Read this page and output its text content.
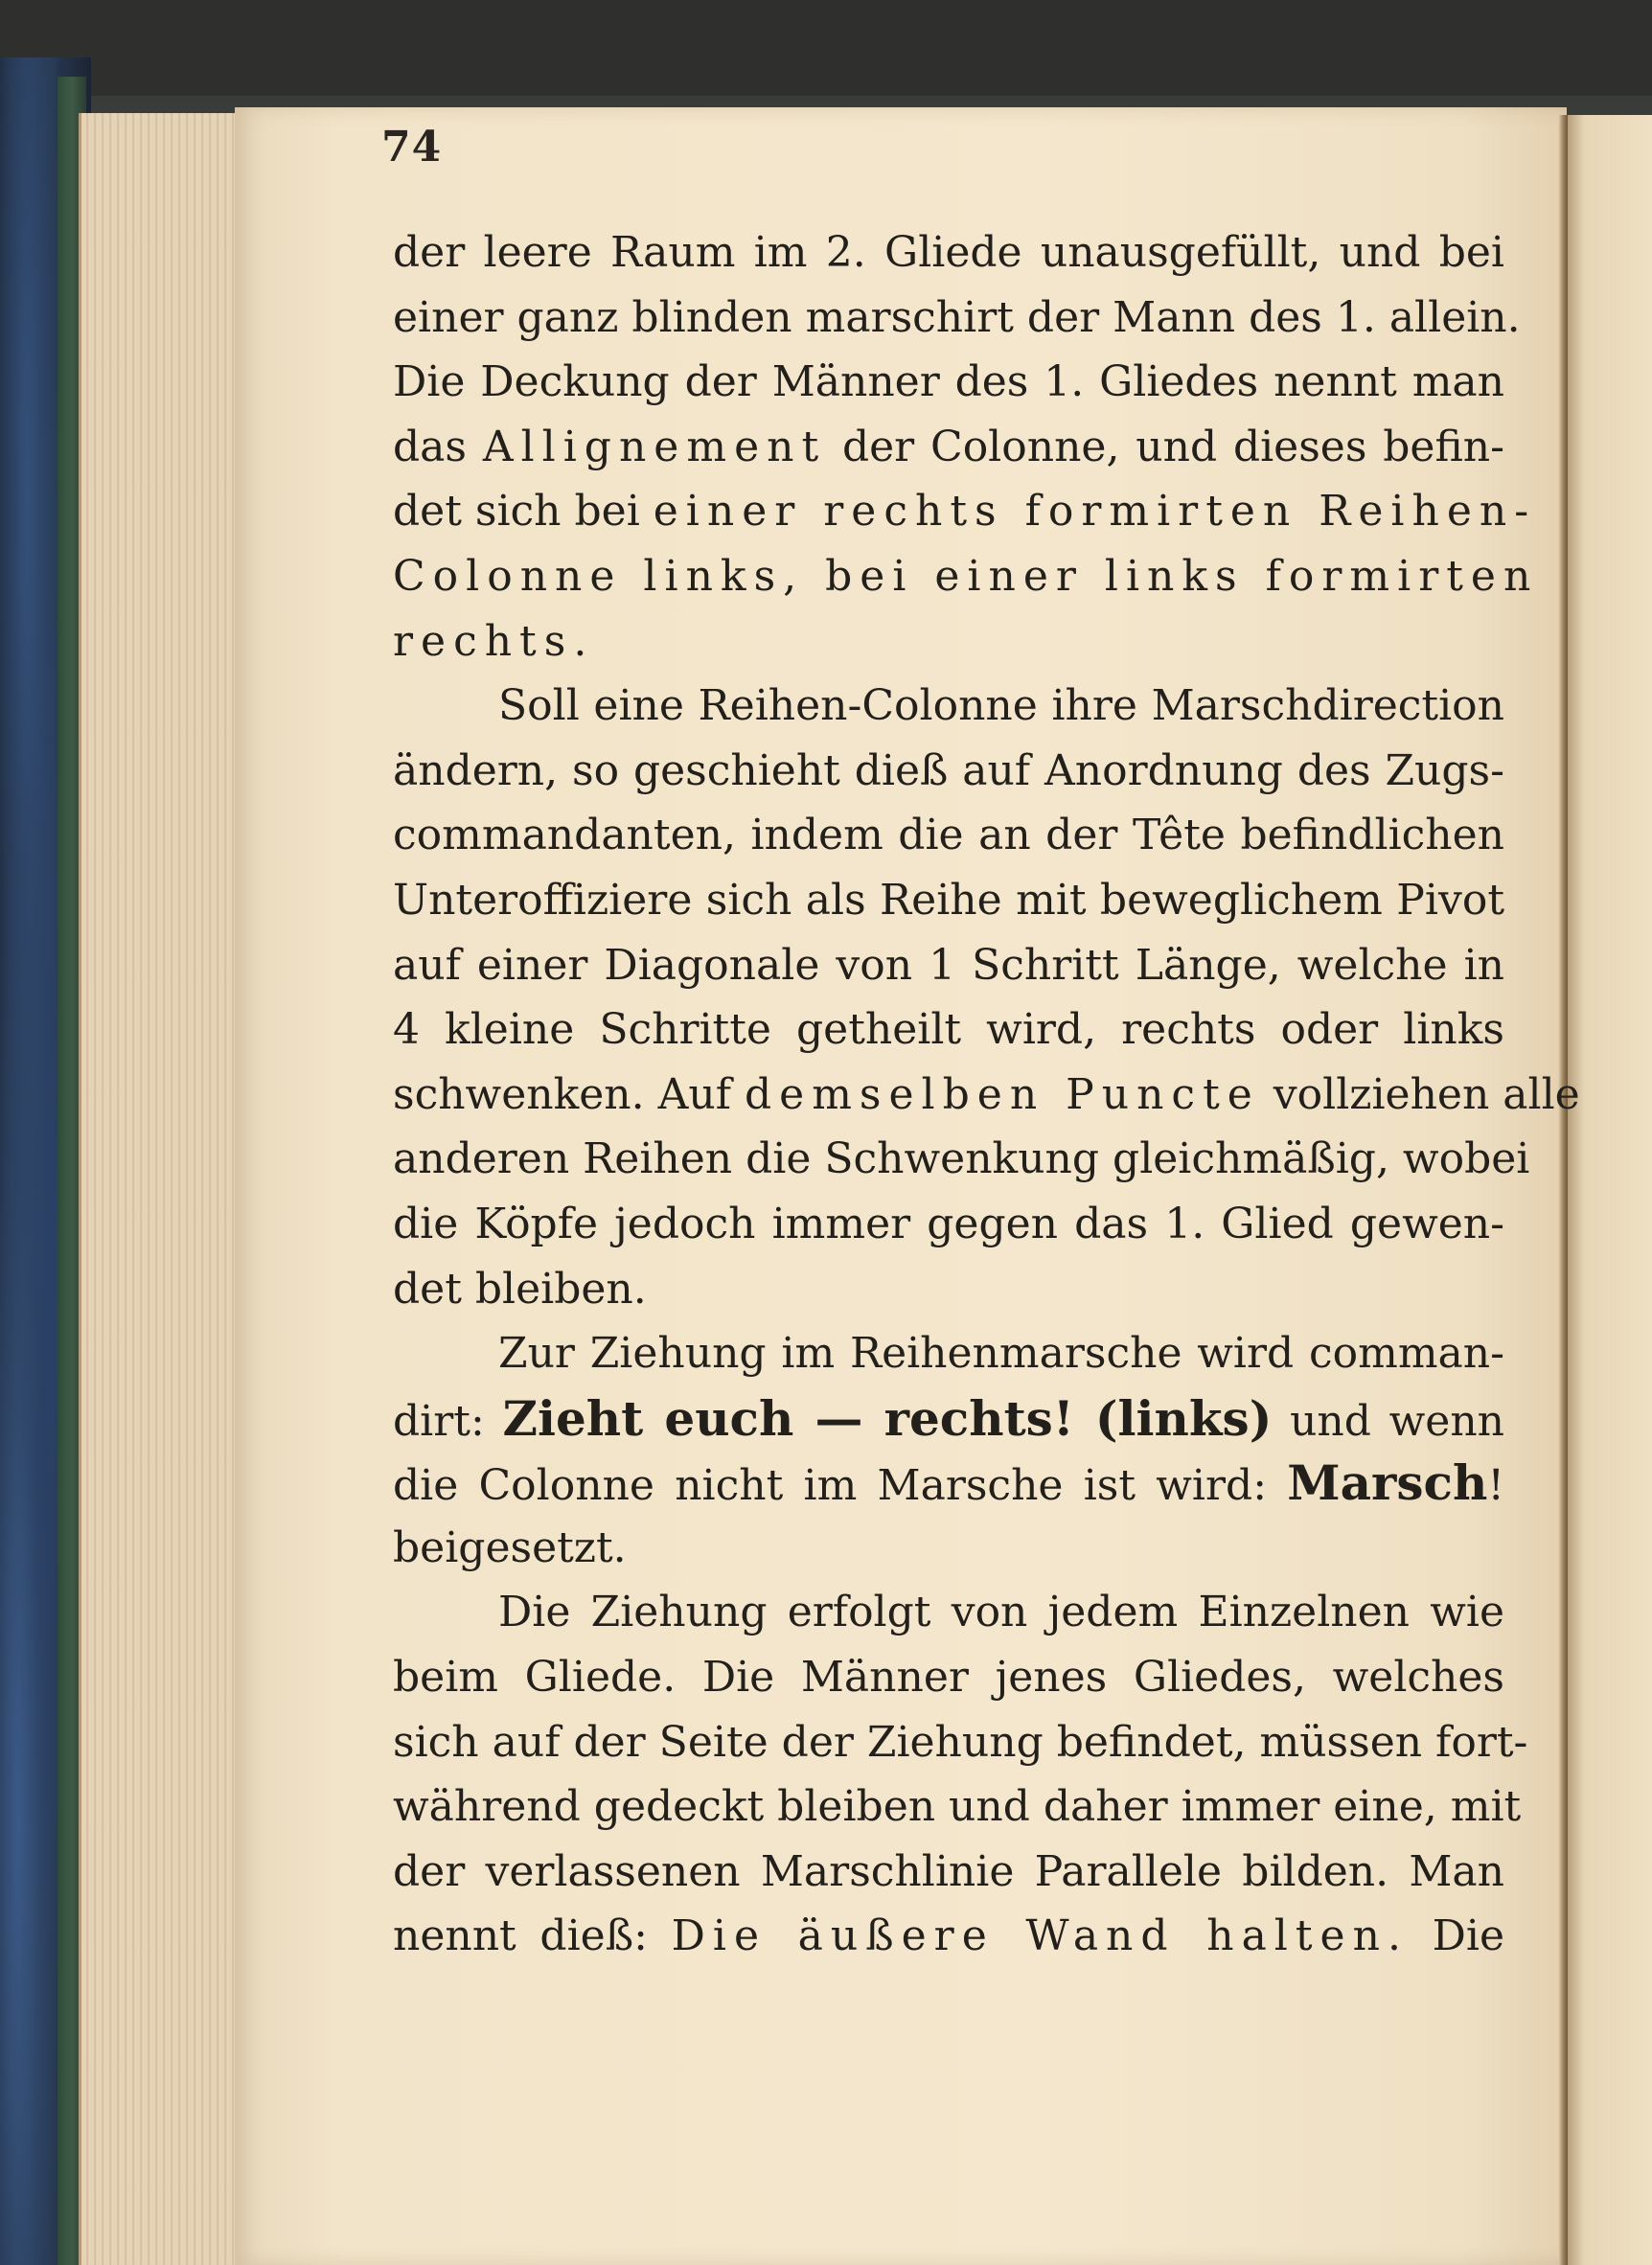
74
der leere Raum im 2. Gliede unausgefüllt, und bei
einer ganz blinden marschirt der Mann des 1. allein.
Die Deckung der Männer des 1. Gliedes nennt man
das Allignement der Colonne, und dieses befin-
det sich bei einer rechts formirten Reihen-
Colonne links, bei einer links formirten
rechts.
Soll eine Reihen-Colonne ihre Marschdirection
ändern, so geschieht dieß auf Anordnung des Zugs-
commandanten, indem die an der Tête befindlichen
Unteroffiziere sich als Reihe mit beweglichem Pivot
auf einer Diagonale von 1 Schritt Länge, welche in
4 kleine Schritte getheilt wird, rechts oder links
schwenken. Auf demselben Puncte vollziehen alle
anderen Reihen die Schwenkung gleichmäßig, wobei
die Köpfe jedoch immer gegen das 1. Glied gewen-
det bleiben.
Zur Ziehung im Reihenmarsche wird comman-
dirt: Zieht euch — rechts! (links) und wenn
die Colonne nicht im Marsche ist wird: Marsch!
beigesetzt.
Die Ziehung erfolgt von jedem Einzelnen wie
beim Gliede. Die Männer jenes Gliedes, welches
sich auf der Seite der Ziehung befindet, müssen fort-
während gedeckt bleiben und daher immer eine, mit
der verlassenen Marschlinie Parallele bilden. Man
nennt dieß: Die äußere Wand halten. Die
